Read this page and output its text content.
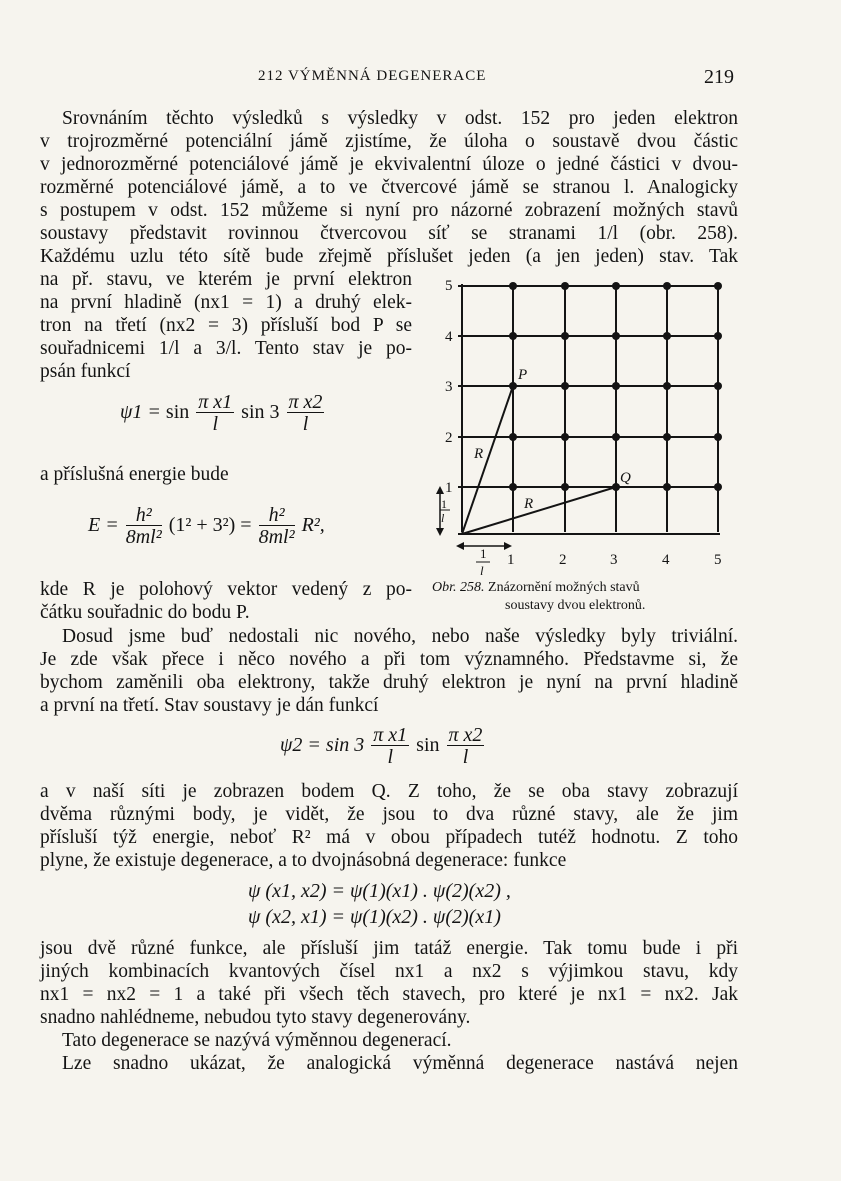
212 VÝMĚNNÁ DEGENERACE	219
Srovnáním těchto výsledků s výsledky v odst. 152 pro jeden elektron
v trojrozměrné potenciální jámě zjistíme, že úloha o soustavě dvou částic
v jednorozměrné potenciálové jámě je ekvivalentní úloze o jedné částici v dvou-
rozměrné potenciálové jámě, a to ve čtvercové jámě se stranou l. Analogicky
s postupem v odst. 152 můžeme si nyní pro názorné zobrazení možných stavů
soustavy představit rovinnou čtvercovou síť se stranami 1/l (obr. 258).
Každému uzlu této sítě bude zřejmě příslušet jeden (a jen jeden) stav. Tak
na př. stavu, ve kterém je první elektron
na první hladině (nx1 = 1) a druhý elek-
tron na třetí (nx2 = 3) přísluší bod P se
souřadnicemi 1/l a 3/l. Tento stav je po-
psán funkcí
$\psi 1 = \sin \frac{\text{π x1}}{l}$ $\sin 3 \frac{\text{π x2}}{l}$
a příslušná energie bude
$E = \frac{\text{h²}}{\text{8ml²}} (1^2 + 3^2) = \frac{\text{h²}}{\text{8ml²}} R^2$,
kde R je polohový vektor vedený z po-
čátku souřadnic do bodu P.
1	2	3	4	5
1
2
3
4
5
P
Q
R
R
1
l
1
l
Obr. 258. Znázornění možných stavů
soustavy dvou elektronů.
Dosud jsme buď nedostali nic nového, nebo naše výsledky byly triviální.
Je zde však přece i něco nového a při tom významného. Představme si, že
bychom zaměnili oba elektrony, takže druhý elektron je nyní na první hladině
a první na třetí. Stav soustavy je dán funkcí
$\psi 2 = \sin 3 \frac{\text{π x1}}{l}$ $\sin \frac{\text{π x2}}{l}$
a v naší síti je zobrazen bodem Q. Z toho, že se oba stavy zobrazují
dvěma různými body, je vidět, že jsou to dva různé stavy, ale že jim
přísluší týž energie, neboť R² má v obou případech tutéž hodnotu. Z toho
plyne, že existuje degenerace, a to dvojnásobná degenerace: funkce
ψ (x1, x2) = ψ(1)(x1) . ψ(2)(x2) ,
ψ (x2, x1) = ψ(1)(x2) . ψ(2)(x1)
jsou dvě různé funkce, ale přísluší jim tatáž energie. Tak tomu bude i při
jiných kombinacích kvantových čísel nx1 a nx2 s výjimkou stavu, kdy
nx1 = nx2 = 1 a také při všech těch stavech, pro které je nx1 = nx2. Jak
snadno nahlédneme, nebudou tyto stavy degenerovány.
Tato degenerace se nazývá výměnnou degenerací.
Lze snadno ukázat, že analogická výměnná degenerace nastává nejen
